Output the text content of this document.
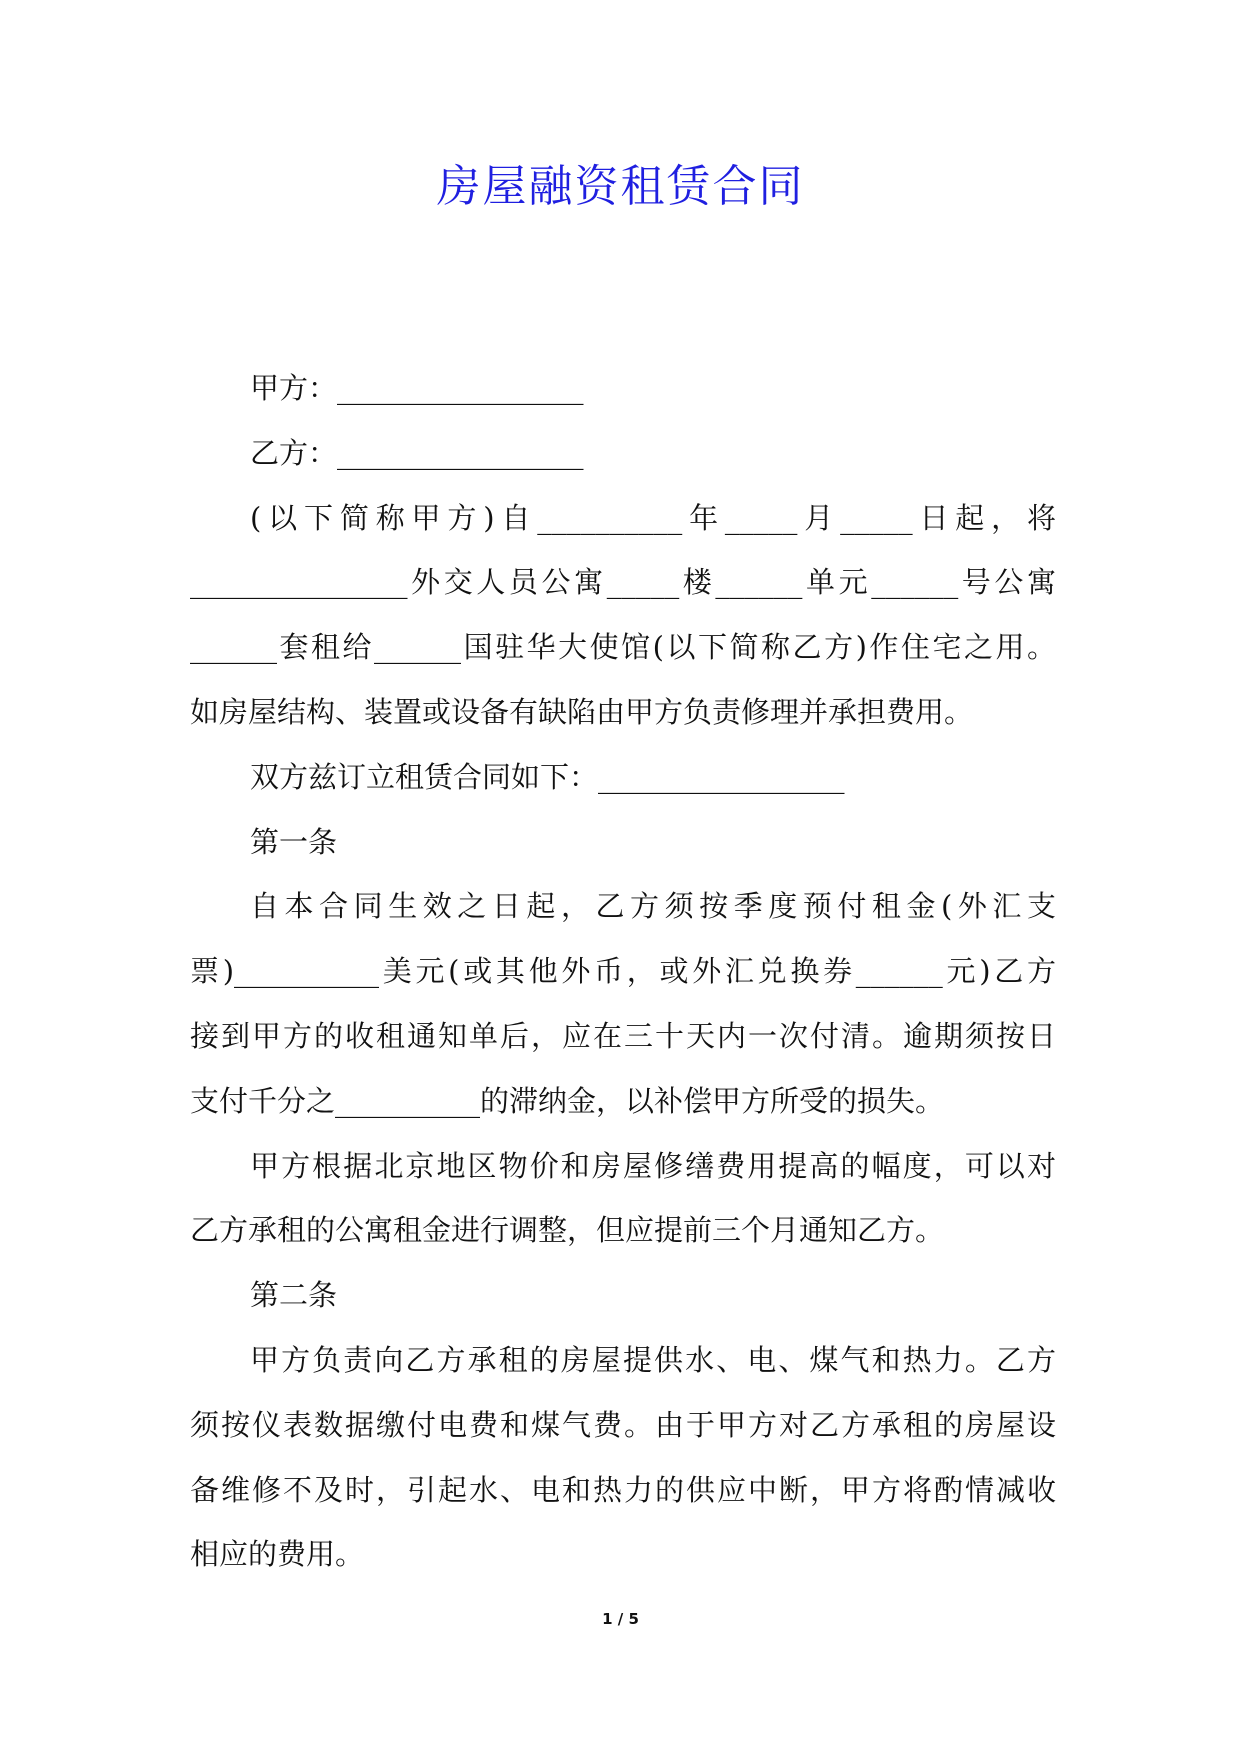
房屋融资租赁合同
甲方：_________________
乙方：_________________
(以下简称甲方)自__________年_____月_____日起，将
_______________外交人员公寓_____楼______单元______号公寓
______套租给______国驻华大使馆(以下简称乙方)作住宅之用。
如房屋结构、装置或设备有缺陷由甲方负责修理并承担费用。
双方兹订立租赁合同如下：_________________
第一条
自本合同生效之日起，乙方须按季度预付租金(外汇支
票)__________美元(或其他外币，或外汇兑换券______元)乙方
接到甲方的收租通知单后，应在三十天内一次付清。逾期须按日
支付千分之__________的滞纳金，以补偿甲方所受的损失。
甲方根据北京地区物价和房屋修缮费用提高的幅度，可以对
乙方承租的公寓租金进行调整，但应提前三个月通知乙方。
第二条
甲方负责向乙方承租的房屋提供水、电、煤气和热力。乙方
须按仪表数据缴付电费和煤气费。由于甲方对乙方承租的房屋设
备维修不及时，引起水、电和热力的供应中断，甲方将酌情减收
相应的费用。
1 / 5
